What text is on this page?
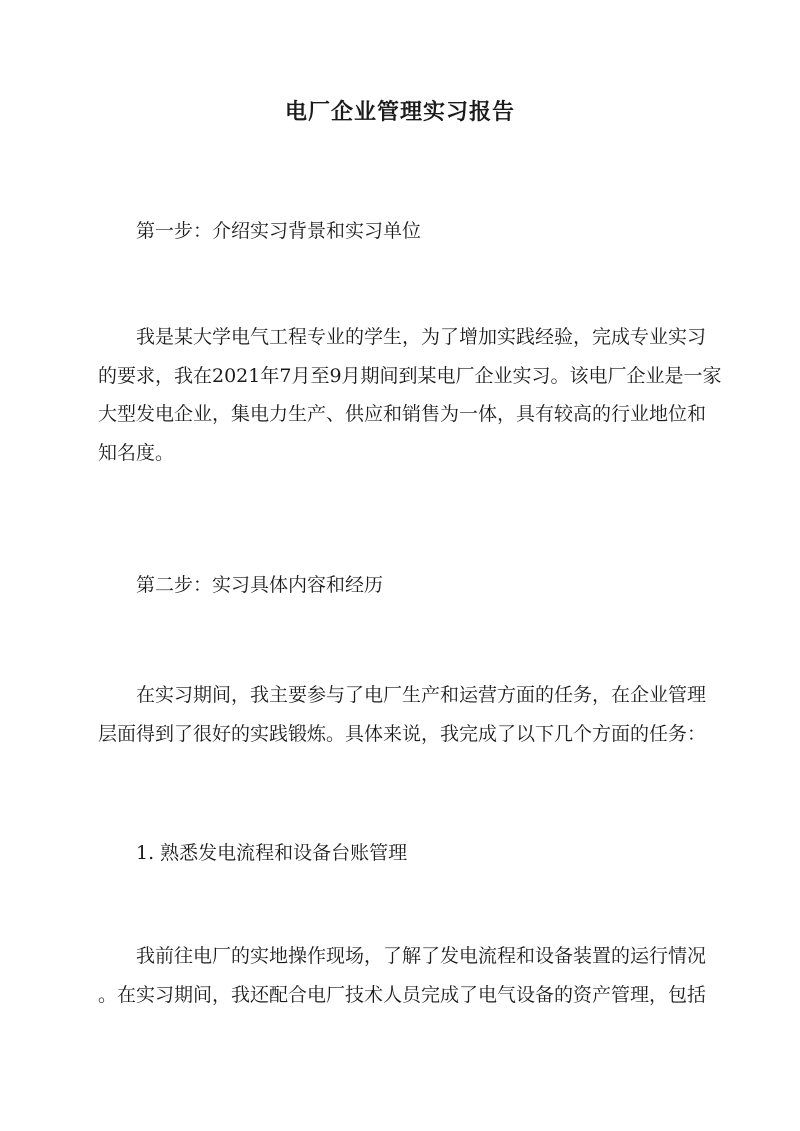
电厂企业管理实习报告

第一步：介绍实习背景和实习单位

我是某大学电气工程专业的学生，为了增加实践经验，完成专业实习
的要求，我在2021年7月至9月期间到某电厂企业实习。该电厂企业是一家
大型发电企业，集电力生产、供应和销售为一体，具有较高的行业地位和
知名度。

第二步：实习具体内容和经历

在实习期间，我主要参与了电厂生产和运营方面的任务，在企业管理
层面得到了很好的实践锻炼。具体来说，我完成了以下几个方面的任务：

1. 熟悉发电流程和设备台账管理

我前往电厂的实地操作现场，了解了发电流程和设备装置的运行情况
。在实习期间，我还配合电厂技术人员完成了电气设备的资产管理，包括
